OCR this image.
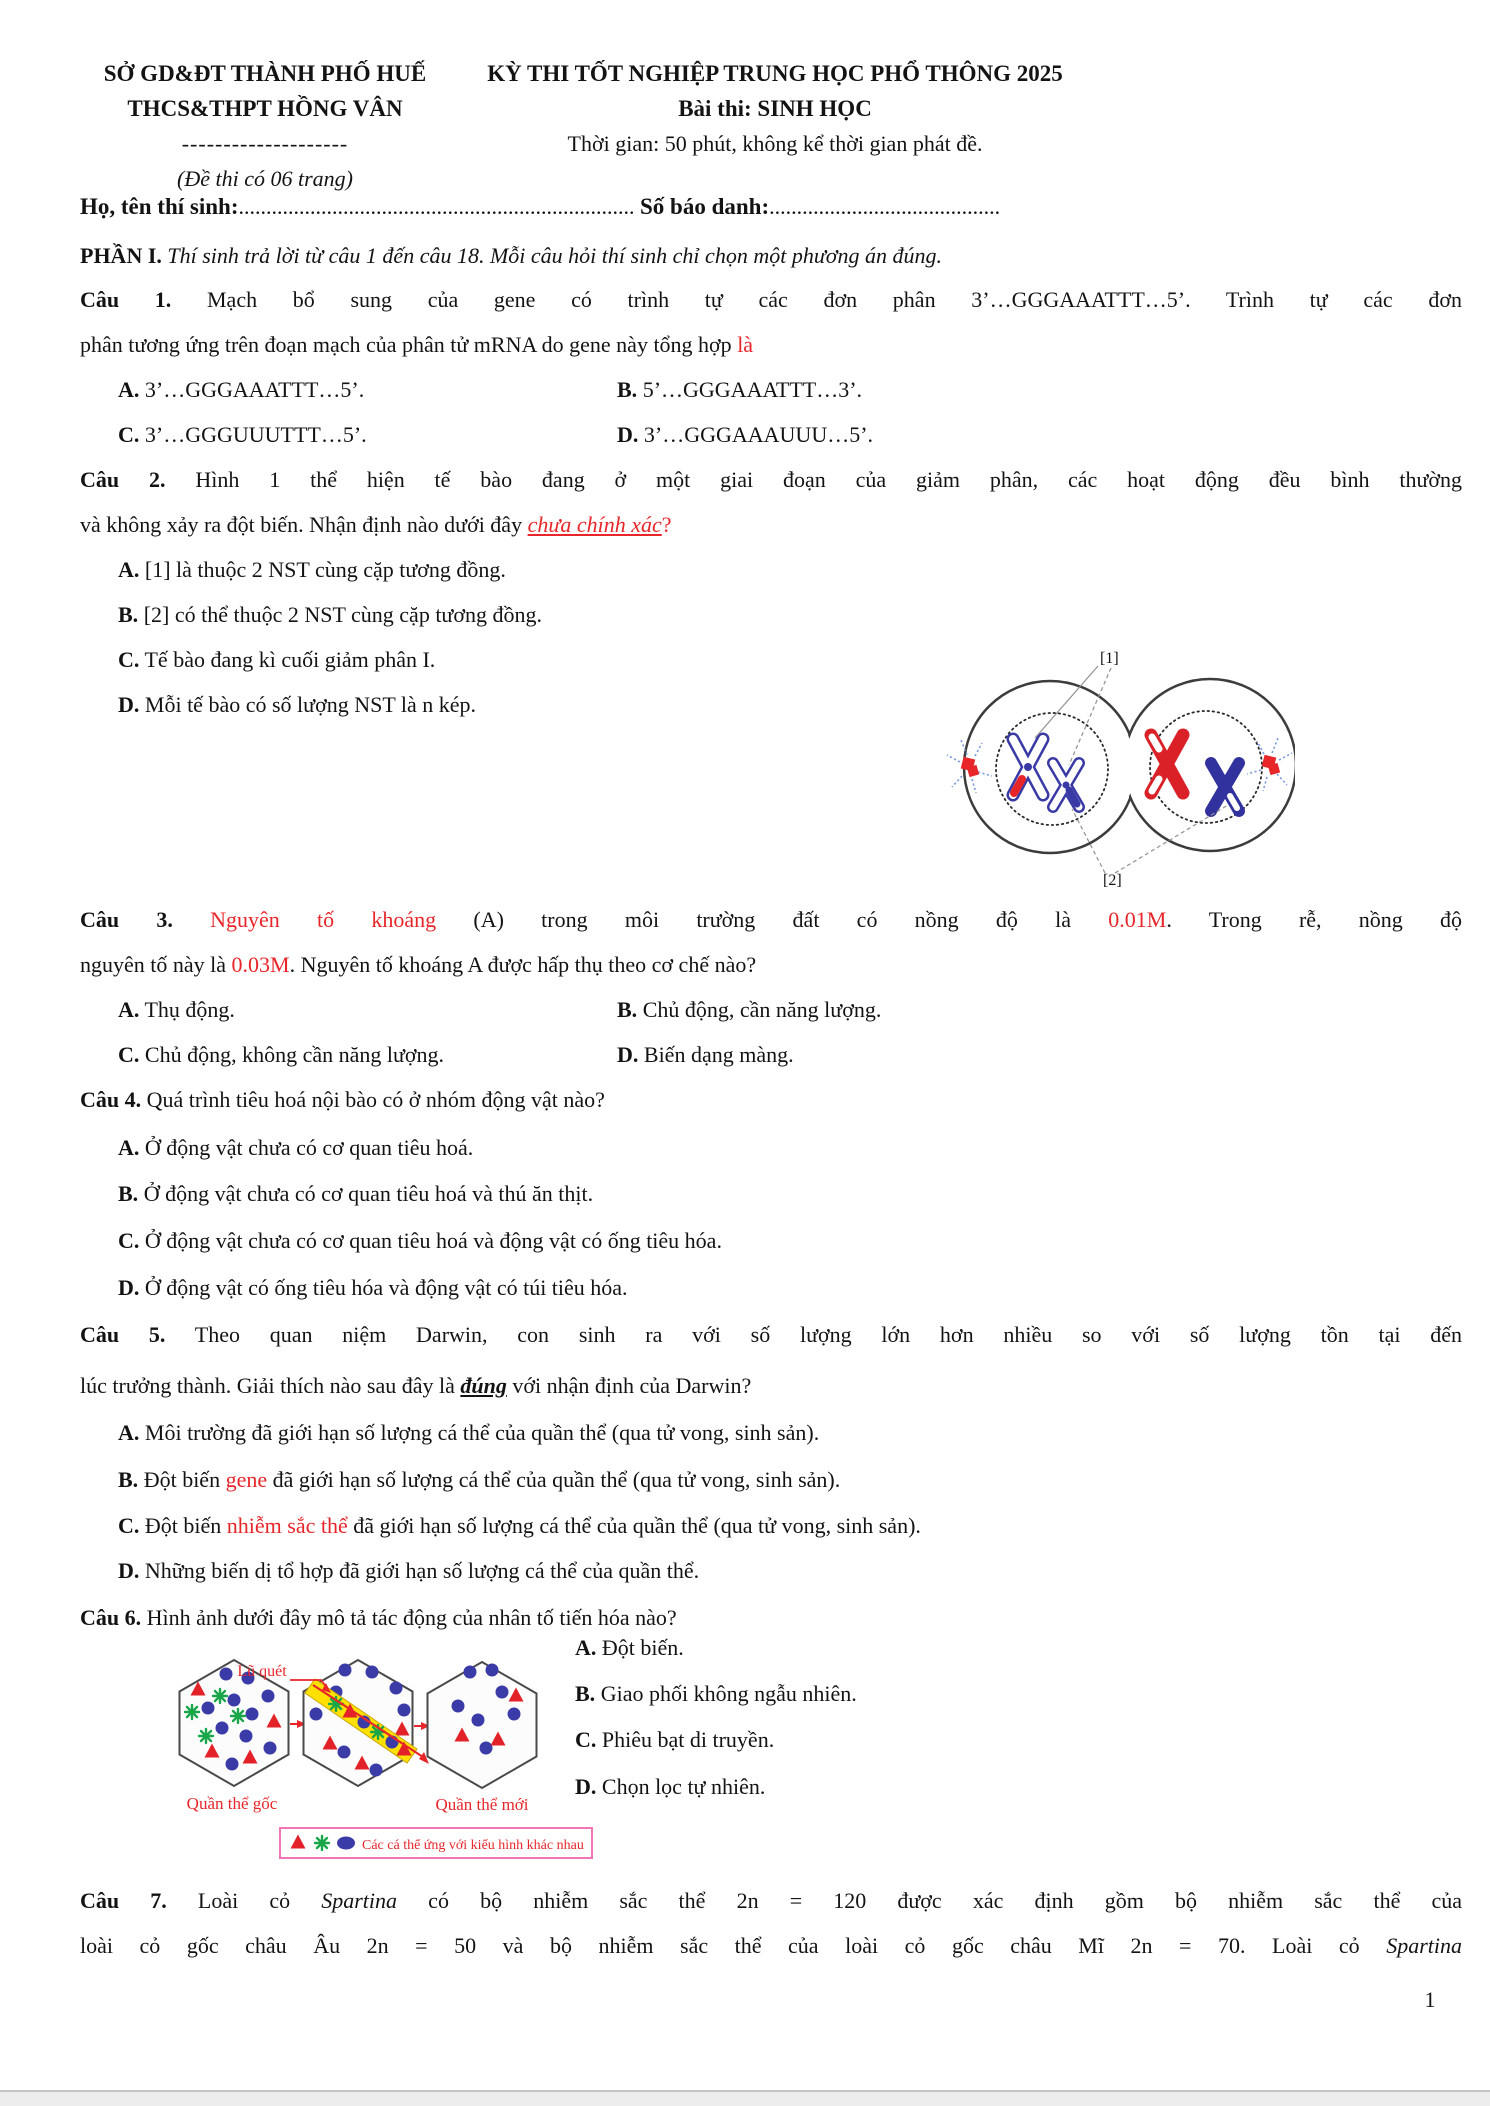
SỞ GD&ĐT THÀNH PHỐ HUẾ
THCS&THPT HỒNG VÂN
--------------------
(Đề thi có 06 trang)
KỲ THI TỐT NGHIỆP TRUNG HỌC PHỔ THÔNG 2025
Bài thi: SINH HỌC
Thời gian: 50 phút, không kể thời gian phát đề.
Họ, tên thí sinh:........................................................................ Số báo danh:..........................................
PHẦN I. Thí sinh trả lời từ câu 1 đến câu 18. Mỗi câu hỏi thí sinh chỉ chọn một phương án đúng.
Câu 1. Mạch bổ sung của gene có trình tự các đơn phân 3’…GGGAAATTT…5’. Trình tự các đơn
phân tương ứng trên đoạn mạch của phân tử mRNA do gene này tổng hợp là
A. 3’…GGGAAATTT…5’.	B. 5’…GGGAAATTT…3’.
C. 3’…GGGUUUTTT…5’.	D. 3’…GGGAAAUUU…5’.
Câu 2. Hình 1 thể hiện tế bào đang ở một giai đoạn của giảm phân, các hoạt động đều bình thường
và không xảy ra đột biến. Nhận định nào dưới đây chưa chính xác?
A. [1] là thuộc 2 NST cùng cặp tương đồng.
B. [2] có thể thuộc 2 NST cùng cặp tương đồng.
C. Tế bào đang kì cuối giảm phân I.
D. Mỗi tế bào có số lượng NST là n kép.
[1]
[2]
Câu 3. Nguyên tố khoáng (A) trong môi trường đất có nồng độ là 0.01M. Trong rễ, nồng độ
nguyên tố này là 0.03M. Nguyên tố khoáng A được hấp thụ theo cơ chế nào?
A. Thụ động.	B. Chủ động, cần năng lượng.
C. Chủ động, không cần năng lượng.	D. Biến dạng màng.
Câu 4. Quá trình tiêu hoá nội bào có ở nhóm động vật nào?
A. Ở động vật chưa có cơ quan tiêu hoá.
B. Ở động vật chưa có cơ quan tiêu hoá và thú ăn thịt.
C. Ở động vật chưa có cơ quan tiêu hoá và động vật có ống tiêu hóa.
D. Ở động vật có ống tiêu hóa và động vật có túi tiêu hóa.
Câu 5. Theo quan niệm Darwin, con sinh ra với số lượng lớn hơn nhiều so với số lượng tồn tại đến
lúc trưởng thành. Giải thích nào sau đây là đúng với nhận định của Darwin?
A. Môi trường đã giới hạn số lượng cá thể của quần thể (qua tử vong, sinh sản).
B. Đột biến gene đã giới hạn số lượng cá thể của quần thể (qua tử vong, sinh sản).
C. Đột biến nhiễm sắc thể đã giới hạn số lượng cá thể của quần thể (qua tử vong, sinh sản).
D. Những biến dị tổ hợp đã giới hạn số lượng cá thể của quần thể.
Câu 6. Hình ảnh dưới đây mô tả tác động của nhân tố tiến hóa nào?
A. Đột biến.
B. Giao phối không ngẫu nhiên.
C. Phiêu bạt di truyền.
D. Chọn lọc tự nhiên.
Lũ quét
Quần thể gốc	Quần thể mới
Các cá thể ứng với kiểu hình khác nhau
Câu 7. Loài cỏ Spartina có bộ nhiễm sắc thể 2n = 120 được xác định gồm bộ nhiễm sắc thể của
loài cỏ gốc châu Âu 2n = 50 và bộ nhiễm sắc thể của loài cỏ gốc châu Mĩ 2n = 70. Loài cỏ Spartina
1
